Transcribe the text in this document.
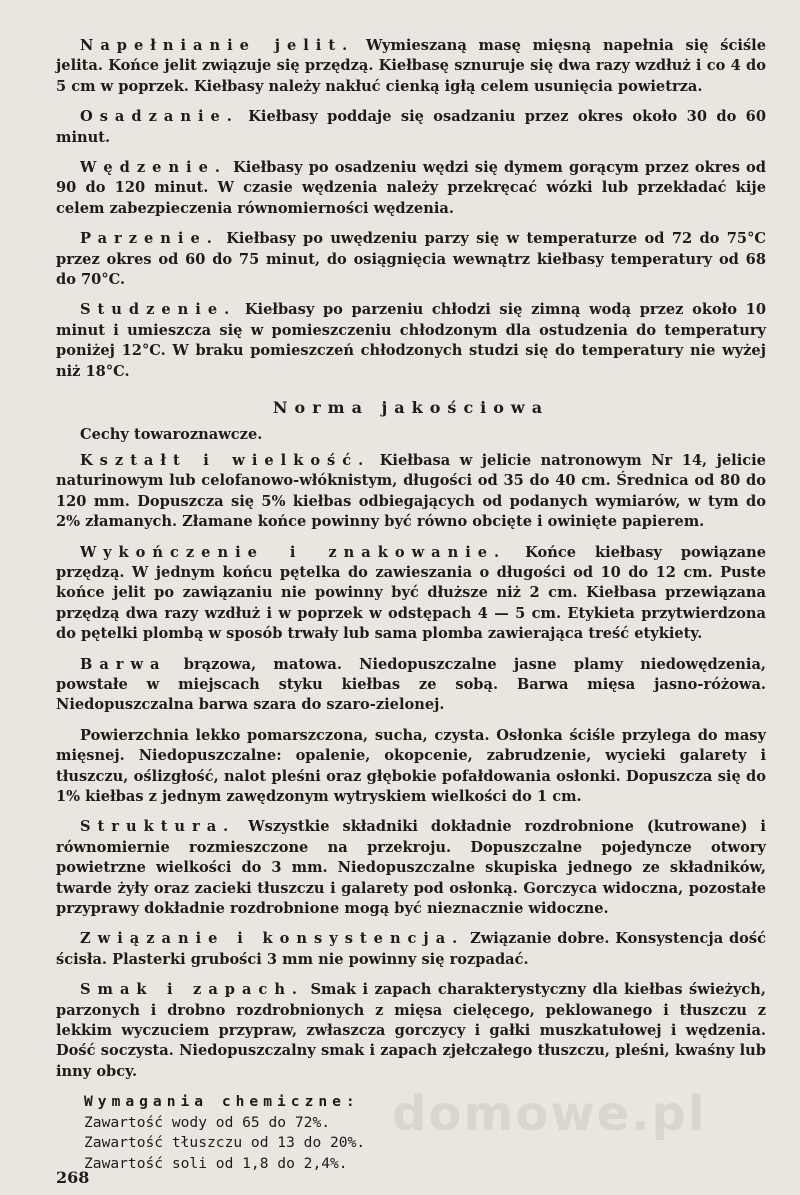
domowe.pl

Napełnianie jelit. Wymieszaną masę mięsną napełnia się ściśle jelita. Końce jelit związuje się przędzą. Kiełbasę sznuruje się dwa razy wzdłuż i co 4 do 5 cm w poprzek. Kiełbasy należy nakłuć cienką igłą celem usunięcia powietrza.

Osadzanie. Kiełbasy poddaje się osadzaniu przez okres około 30 do 60 minut.

Wędzenie. Kiełbasy po osadzeniu wędzi się dymem gorącym przez okres od 90 do 120 minut. W czasie wędzenia należy przekręcać wózki lub przekładać kije celem zabezpieczenia równomierności wędzenia.

Parzenie. Kiełbasy po uwędzeniu parzy się w temperaturze od 72 do 75°C przez okres od 60 do 75 minut, do osiągnięcia wewnątrz kiełbasy temperatury od 68 do 70°C.

Studzenie. Kiełbasy po parzeniu chłodzi się zimną wodą przez około 10 minut i umieszcza się w pomieszczeniu chłodzonym dla ostudzenia do temperatury poniżej 12°C. W braku pomieszczeń chłodzonych studzi się do temperatury nie wyżej niż 18°C.

Norma jakościowa

Cechy towaroznawcze.

Kształt i wielkość. Kiełbasa w jelicie natronowym Nr 14, jelicie naturinowym lub celofanowo-włóknistym, długości od 35 do 40 cm. Średnica od 80 do 120 mm. Dopuszcza się 5% kiełbas odbiegających od podanych wymiarów, w tym do 2% złamanych. Złamane końce powinny być równo obcięte i owinięte papierem.

Wykończenie i znakowanie. Końce kiełbasy powiązane przędzą. W jednym końcu pętelka do zawieszania o długości od 10 do 12 cm. Puste końce jelit po zawiązaniu nie powinny być dłuższe niż 2 cm. Kiełbasa przewiązana przędzą dwa razy wzdłuż i w poprzek w odstępach 4 — 5 cm. Etykieta przytwierdzona do pętelki plombą w sposób trwały lub sama plomba zawierająca treść etykiety.

Barwa brązowa, matowa. Niedopuszczalne jasne plamy niedowędzenia, powstałe w miejscach styku kiełbas ze sobą. Barwa mięsa jasno-różowa. Niedopuszczalna barwa szara do szaro-zielonej.

Powierzchnia lekko pomarszczona, sucha, czysta. Osłonka ściśle przylega do masy mięsnej. Niedopuszczalne: opalenie, okopcenie, zabrudzenie, wycieki galarety i tłuszczu, oślizgłość, nalot pleśni oraz głębokie pofałdowania osłonki. Dopuszcza się do 1% kiełbas z jednym zawędzonym wytryskiem wielkości do 1 cm.

Struktura. Wszystkie składniki dokładnie rozdrobnione (kutrowane) i równomiernie rozmieszczone na przekroju. Dopuszczalne pojedyncze otwory powietrzne wielkości do 3 mm. Niedopuszczalne skupiska jednego ze składników, twarde żyły oraz zacieki tłuszczu i galarety pod osłonką. Gorczyca widoczna, pozostałe przyprawy dokładnie rozdrobnione mogą być nieznacznie widoczne.

Związanie i konsystencja. Związanie dobre. Konsystencja dość ścisła. Plasterki grubości 3 mm nie powinny się rozpadać.

Smak i zapach. Smak i zapach charakterystyczny dla kiełbas świeżych, parzonych i drobno rozdrobnionych z mięsa cielęcego, peklowanego i tłuszczu z lekkim wyczuciem przypraw, zwłaszcza gorczycy i gałki muszkatułowej i wędzenia. Dość soczysta. Niedopuszczalny smak i zapach zjełczałego tłuszczu, pleśni, kwaśny lub inny obcy.

Wymagania chemiczne:
Zawartość wody od 65 do 72%.
Zawartość tłuszczu od 13 do 20%.
Zawartość soli od 1,8 do 2,4%.
268
